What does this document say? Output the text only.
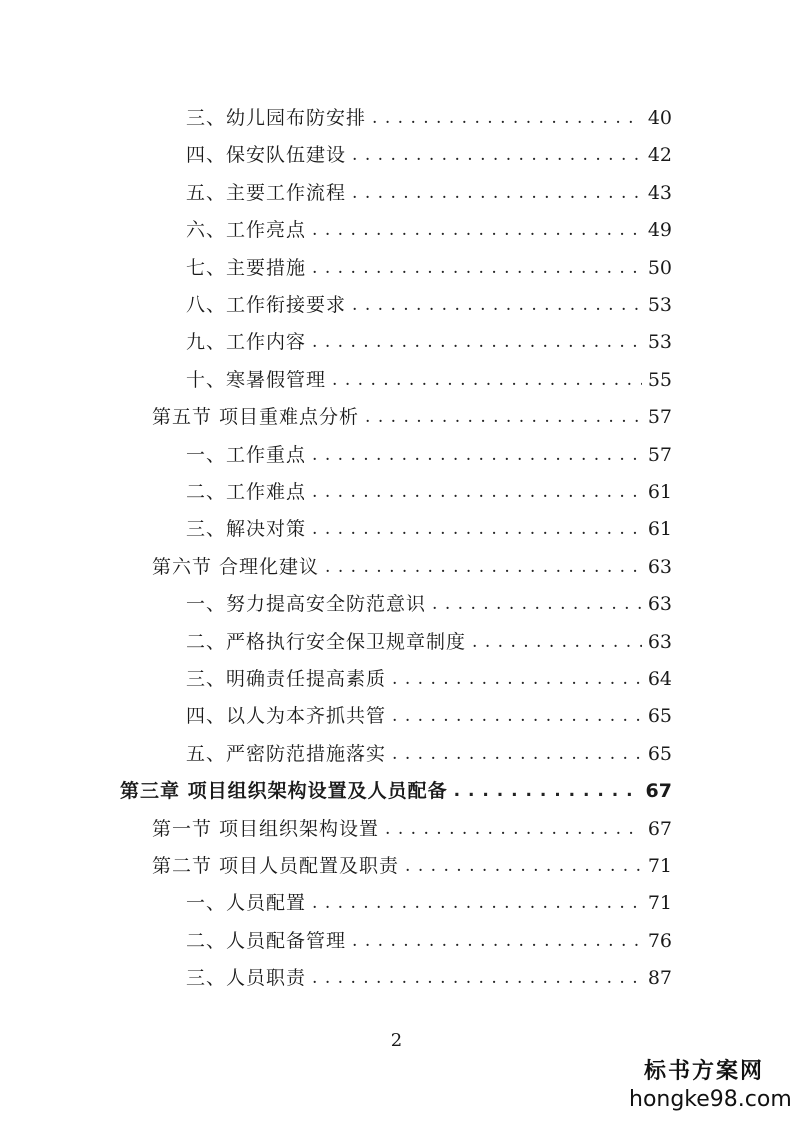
三、幼儿园布防安排 . . .	40
四、保安队伍建设 . . .	42
五、主要工作流程 . . .	43
六、工作亮点 . . .	49
七、主要措施 . . .	50
八、工作衔接要求 . . .	53
九、工作内容 . . .	53
十、寒暑假管理 . . .	55
第五节 项目重难点分析 . . .	57
一、工作重点 . . .	57
二、工作难点 . . .	61
三、解决对策 . . .	61
第六节 合理化建议 . . .	63
一、努力提高安全防范意识 . . .	63
二、严格执行安全保卫规章制度 . . .	63
三、明确责任提高素质 . . .	64
四、以人为本齐抓共管 . . .	65
五、严密防范措施落实 . . .	65
第三章 项目组织架构设置及人员配备 . . .	67
第一节 项目组织架构设置 . . .	67
第二节 项目人员配置及职责 . . .	71
一、人员配置 . . .	71
二、人员配备管理 . . .	76
三、人员职责 . . .	87
2
标书方案网
hongke98.com
